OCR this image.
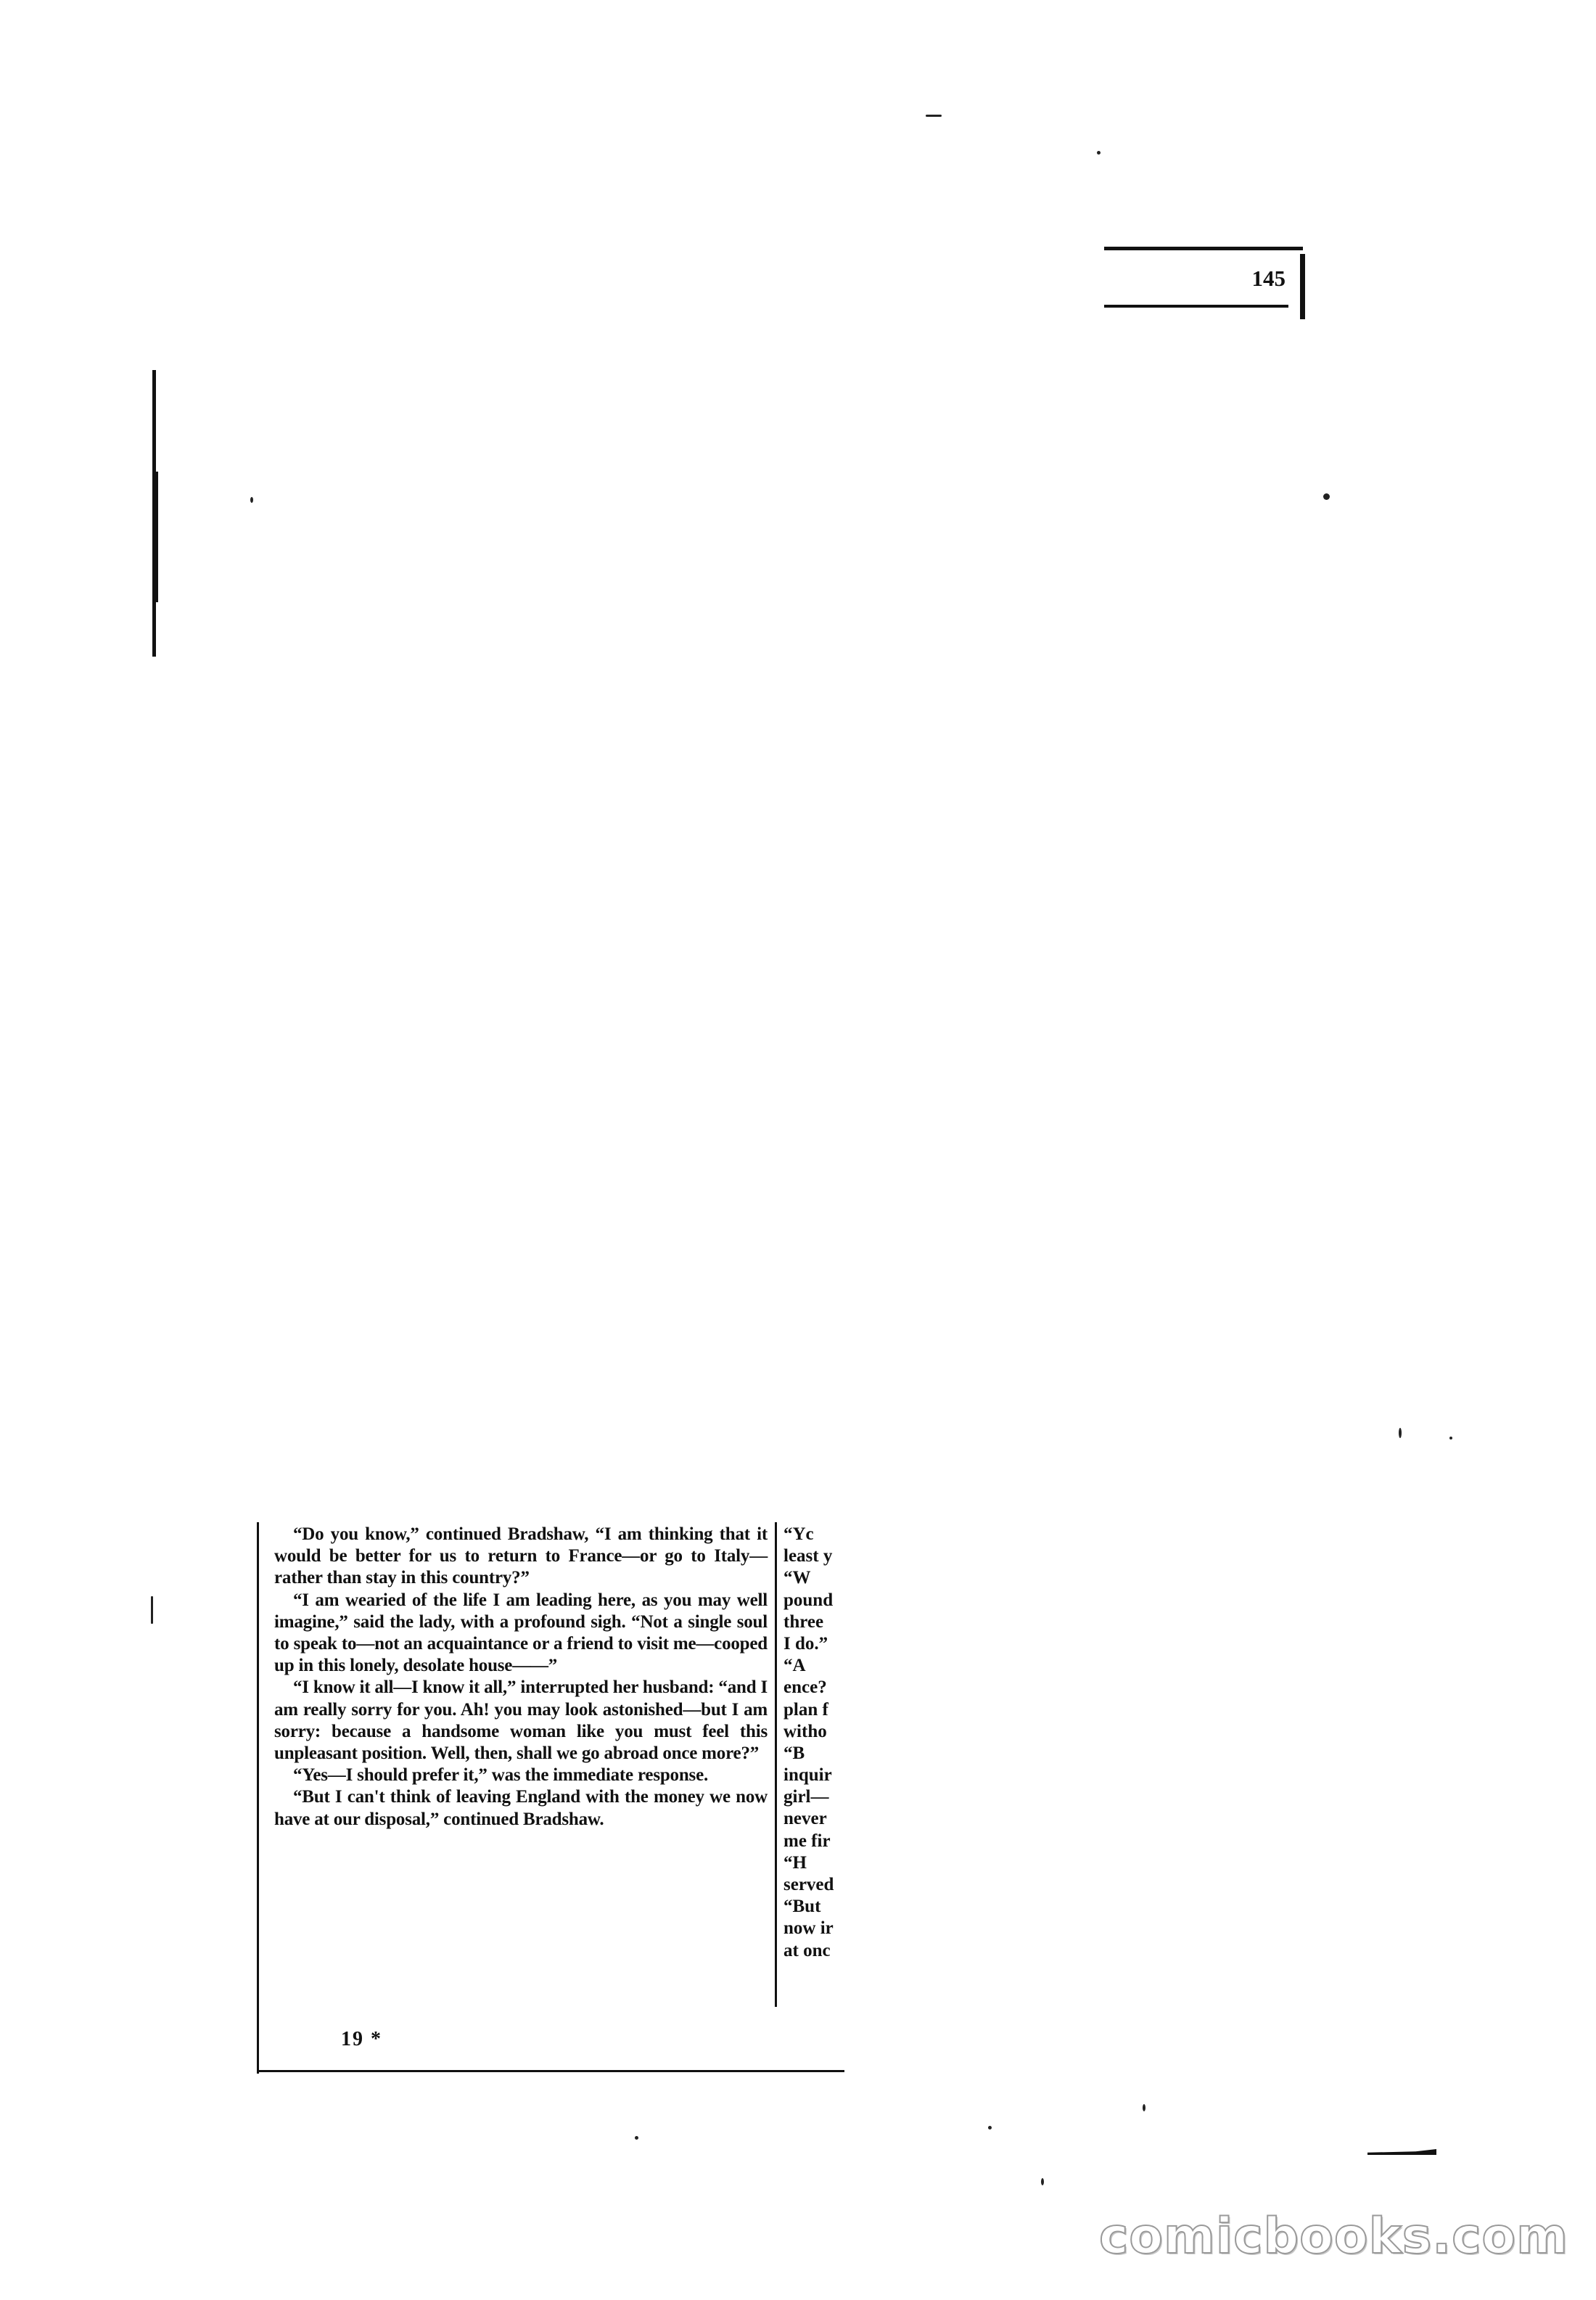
145

“Do you know,” continued Bradshaw, “I am thinking that it would be better for us to return to France—or go to Italy—rather than stay in this country?”

“I am wearied of the life I am leading here, as you may well imagine,” said the lady, with a profound sigh. “Not a single soul to speak to—not an acquaintance or a friend to visit me—cooped up in this lonely, desolate house——”

“I know it all—I know it all,” interrupted her husband: “and I am really sorry for you. Ah! you may look astonished—but I am sorry: because a handsome woman like you must feel this unpleasant position. Well, then, shall we go abroad once more?”

“Yes—I should prefer it,” was the immediate response.

“But I can't think of leaving England with the money we now have at our disposal,” continued Bradshaw.

19 *
“Yc
least y
“W
pound
three
I do.”
“A
ence?
plan f
witho
“B
inquir
girl—
never
me fir
“H
served
“But
now ir
at onc
comicbooks.com
